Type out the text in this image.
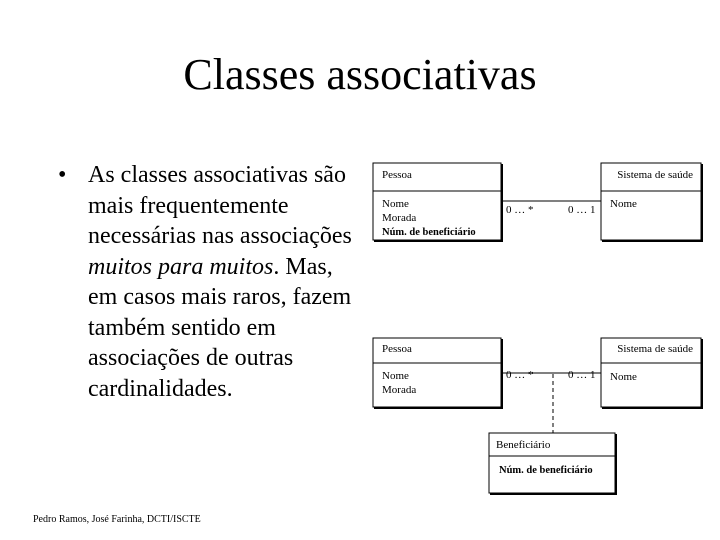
Classes associativas
• As classes associativas são mais frequentemente necessárias nas associações muitos para muitos. Mas, em casos mais raros, fazem também sentido em associações de outras cardinalidades.
Pessoa
Nome
Morada
Núm. de beneficiário
Sistema de saúde
Nome
0 … *	0 … 1
Pessoa
Nome
Morada
Sistema de saúde
Nome
0 … *	0 … 1
Beneficiário
Núm. de beneficiário
Pedro Ramos, José Farinha, DCTI/ISCTE
